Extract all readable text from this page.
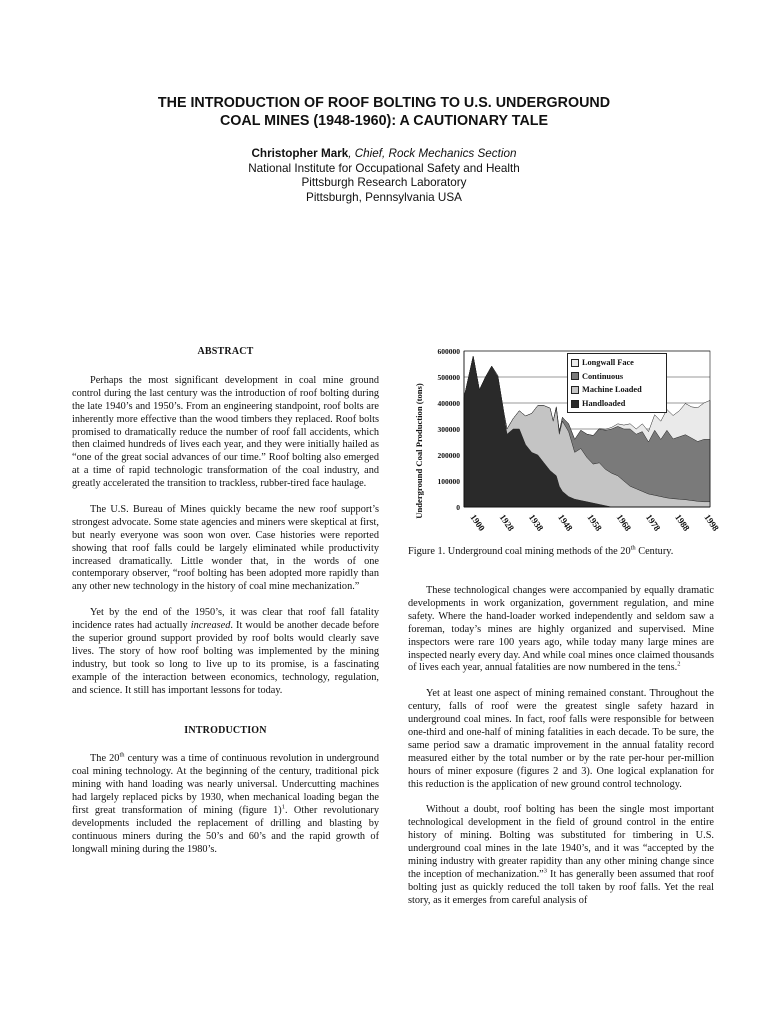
THE INTRODUCTION OF ROOF BOLTING TO U.S. UNDERGROUND
COAL MINES (1948-1960): A CAUTIONARY TALE
Christopher Mark, Chief, Rock Mechanics Section
National Institute for Occupational Safety and Health
Pittsburgh Research Laboratory
Pittsburgh, Pennsylvania USA
ABSTRACT

Perhaps the most significant development in coal mine ground control during the last century was the introduction of roof bolting during the late 1940’s and 1950’s. From an engineering standpoint, roof bolts are inherently more effective than the wood timbers they replaced. Roof bolts promised to dramatically reduce the number of roof fall accidents, which then claimed hundreds of lives each year, and they were initially hailed as “one of the great social advances of our time.” Roof bolting also emerged at a time of rapid technologic transformation of the coal industry, and greatly accelerated the transition to trackless, rubber-tired face haulage.

The U.S. Bureau of Mines quickly became the new roof support’s strongest advocate. Some state agencies and miners were skeptical at first, but nearly everyone was soon won over. Case histories were reported showing that roof falls could be largely eliminated while productivity increased dramatically. Little wonder that, in the words of one contemporary observer, “roof bolting has been adopted more rapidly than any other new technology in the history of coal mine mechanization.”

Yet by the end of the 1950’s, it was clear that roof fall fatality incidence rates had actually increased. It would be another decade before the superior ground support provided by roof bolts would clearly save lives. The story of how roof bolting was implemented by the mining industry, but took so long to live up to its promise, is a fascinating example of the interaction between economics, technology, regulation, and science. It still has important lessons for today.

INTRODUCTION

The 20th century was a time of continuous revolution in underground coal mining technology. At the beginning of the century, traditional pick mining with hand loading was nearly universal. Undercutting machines had largely replaced picks by 1930, when mechanical loading began the first great transformation of mining (figure 1)$^1$. Other revolutionary developments included the replacement of drilling and blasting by continuous miners during the 50’s and 60’s and the rapid growth of longwall mining during the 1980’s.

0
100000
200000
300000
400000
500000
600000
1900 1928 1938 1948 1958 1968 1978 1988 1998
Underground Coal Production (tons)
Longwall Face
Continuous
Machine Loaded
Handloaded
Figure 1. Underground coal mining methods of the 20th Century.

These technological changes were accompanied by equally dramatic developments in work organization, government regulation, and mine safety. Where the hand-loader worked independently and seldom saw a foreman, today’s mines are highly organized and supervised. Mine inspectors were rare 100 years ago, while today many large mines are inspected nearly every day. And while coal mines once claimed thousands of lives each year, annual fatalities are now numbered in the tens.$^2$

Yet at least one aspect of mining remained constant. Throughout the century, falls of roof were the greatest single safety hazard in underground coal mines. In fact, roof falls were responsible for between one-third and one-half of mining fatalities in each decade. To be sure, the same period saw a dramatic improvement in the annual fatality record measured either by the total number or by the rate per-hour per-million hours of miner exposure (figures 2 and 3). One logical explanation for this reduction is the application of new ground control technology.

Without a doubt, roof bolting has been the single most important technological development in the field of ground control in the entire history of mining. Bolting was substituted for timbering in U.S. underground coal mines in the late 1940’s, and it was “accepted by the mining industry with greater rapidity than any other mining change since the inception of mechanization.”$^3$ It has generally been assumed that roof bolting just as quickly reduced the toll taken by roof falls. Yet the real story, as it emerges from careful analysis of
